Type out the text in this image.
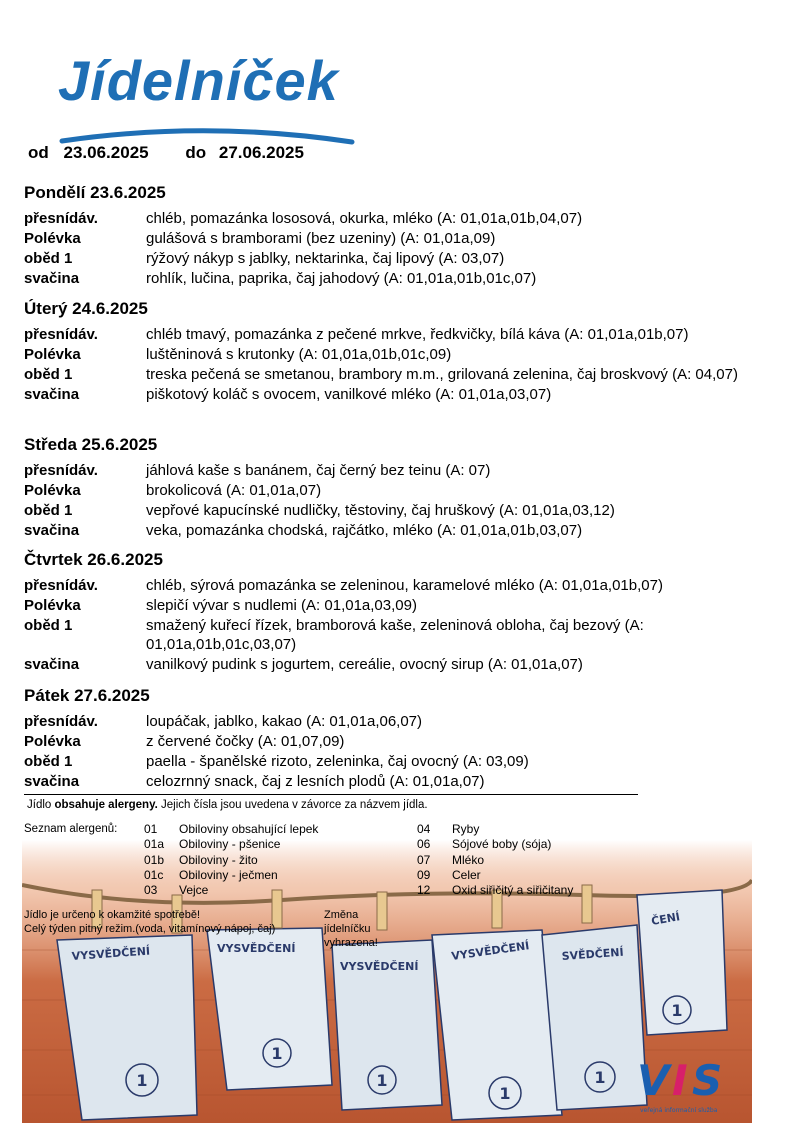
Jídelníček
od 23.06.2025 do 27.06.2025
Pondělí 23.6.2025
přesnídáv.	chléb, pomazánka lososová, okurka, mléko (A: 01,01a,01b,04,07)
Polévka	gulášová s bramborami (bez uzeniny) (A: 01,01a,09)
oběd 1	rýžový nákyp s jablky, nektarinka, čaj lipový (A: 03,07)
svačina	rohlík, lučina, paprika, čaj jahodový (A: 01,01a,01b,01c,07)
Úterý 24.6.2025
přesnídáv.	chléb tmavý, pomazánka z pečené mrkve, ředkvičky, bílá káva (A: 01,01a,01b,07)
Polévka	luštěninová s krutonky (A: 01,01a,01b,01c,09)
oběd 1	treska pečená se smetanou, brambory m.m., grilovaná zelenina, čaj broskvový (A: 04,07)
svačina	piškotový koláč s ovocem, vanilkové mléko (A: 01,01a,03,07)
Středa 25.6.2025
přesnídáv.	jáhlová kaše s banánem, čaj černý bez teinu (A: 07)
Polévka	brokolicová (A: 01,01a,07)
oběd 1	vepřové kapucínské nudličky, těstoviny, čaj hruškový (A: 01,01a,03,12)
svačina	veka, pomazánka chodská, rajčátko, mléko (A: 01,01a,01b,03,07)
Čtvrtek 26.6.2025
přesnídáv.	chléb, sýrová pomazánka se zeleninou, karamelové mléko (A: 01,01a,01b,07)
Polévka	slepičí vývar s nudlemi (A: 01,01a,03,09)
oběd 1	smažený kuřecí řízek, bramborová kaše, zeleninová obloha, čaj bezový (A: 01,01a,01b,01c,03,07)
svačina	vanilkový pudink s jogurtem, cereálie, ovocný sirup (A: 01,01a,07)
Pátek 27.6.2025
přesnídáv.	loupáčak, jablko, kakao (A: 01,01a,06,07)
Polévka	z červené čočky (A: 01,07,09)
oběd 1	paella - španělské rizoto, zeleninka, čaj ovocný (A: 03,09)
svačina	celozrnný snack, čaj z lesních plodů (A: 01,01a,07)
Jídlo obsahuje alergeny. Jejich čísla jsou uvedena v závorce za názvem jídla.
VYSVĚDČENÍ	VYSVĚDČENÍ
VYSVĚDČENÍ
VYSVĚDČENÍ	SVĚDČENÍ
ČENÍ
1
1
1
1
1
1
V I S
veřejná informační služba
Seznam alergenů: 01	Obiloviny obsahující lepek
01a	Obiloviny - pšenice
01b	Obiloviny - žito
01c	Obiloviny - ječmen
03	Vejce
04	Ryby
06	Sójové boby (sója)
07	Mléko
09	Celer
12	Oxid siřičitý a siřičitany
Jídlo je určeno k okamžité spotřebě!	Změna jídelníčku vyhrazena!
Celý týden pitný režim.(voda, vitamínový nápoj, čaj)
